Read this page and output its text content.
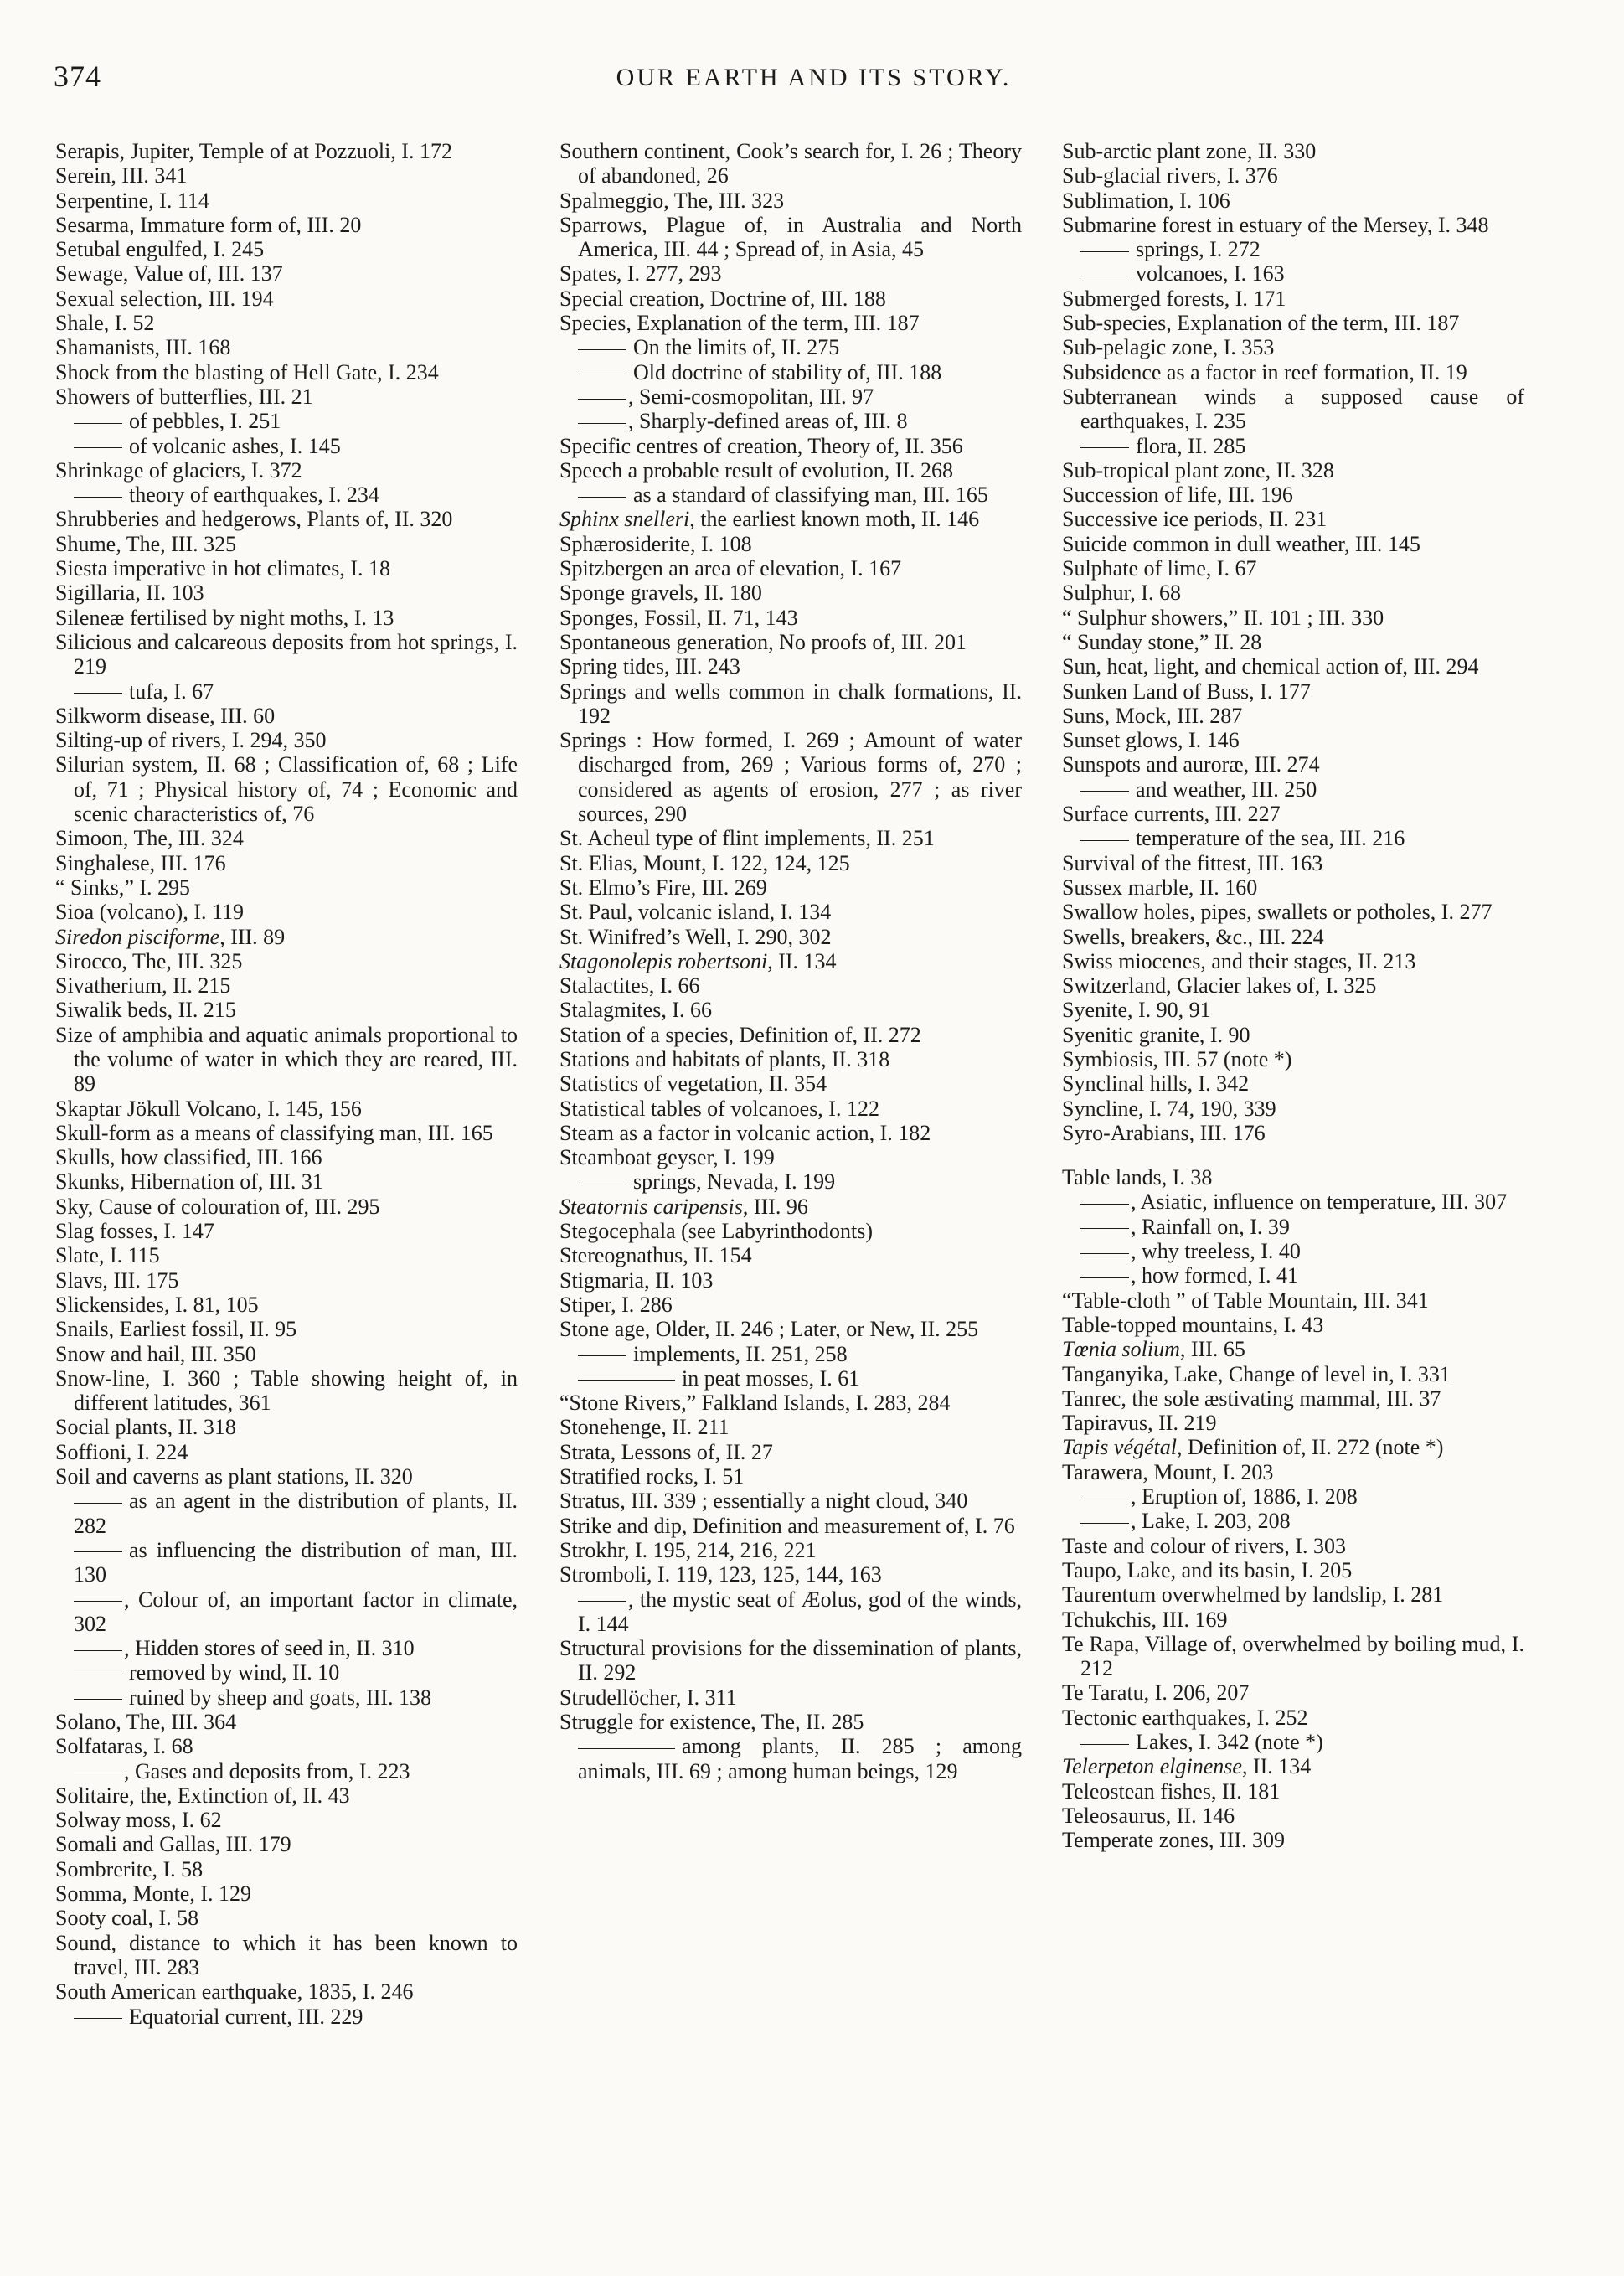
374	OUR EARTH AND ITS STORY.

Serapis, Jupiter, Temple of at Pozzuoli, I. 172

Serein, III. 341

Serpentine, I. 114

Sesarma, Immature form of, III. 20

Setubal engulfed, I. 245

Sewage, Value of, III. 137

Sexual selection, III. 194

Shale, I. 52

Shamanists, III. 168

Shock from the blasting of Hell Gate, I. 234

Showers of butterflies, III. 21

of pebbles, I. 251

of volcanic ashes, I. 145

Shrinkage of glaciers, I. 372

theory of earthquakes, I. 234

Shrubberies and hedgerows, Plants of, II. 320

Shume, The, III. 325

Siesta imperative in hot climates, I. 18

Sigillaria, II. 103

Sileneæ fertilised by night moths, I. 13

Silicious and calcareous deposits from hot springs, I. 219

tufa, I. 67

Silkworm disease, III. 60

Silting-up of rivers, I. 294, 350

Silurian system, II. 68 ; Classification of, 68 ; Life of, 71 ; Physical history of, 74 ; Economic and scenic characteristics of, 76

Simoon, The, III. 324

Singhalese, III. 176

“ Sinks,” I. 295

Sioa (volcano), I. 119

Siredon pisciforme, III. 89

Sirocco, The, III. 325

Sivatherium, II. 215

Siwalik beds, II. 215

Size of amphibia and aquatic animals proportional to the volume of water in which they are reared, III. 89

Skaptar Jökull Volcano, I. 145, 156

Skull-form as a means of classifying man, III. 165

Skulls, how classified, III. 166

Skunks, Hibernation of, III. 31

Sky, Cause of colouration of, III. 295

Slag fosses, I. 147

Slate, I. 115

Slavs, III. 175

Slickensides, I. 81, 105

Snails, Earliest fossil, II. 95

Snow and hail, III. 350

Snow-line, I. 360 ; Table showing height of, in different latitudes, 361

Social plants, II. 318

Soffioni, I. 224

Soil and caverns as plant stations, II. 320

as an agent in the distribution of plants, II. 282

as influencing the distribution of man, III. 130

, Colour of, an important factor in climate, 302

, Hidden stores of seed in, II. 310

removed by wind, II. 10

ruined by sheep and goats, III. 138

Solano, The, III. 364

Solfataras, I. 68

, Gases and deposits from, I. 223

Solitaire, the, Extinction of, II. 43

Solway moss, I. 62

Somali and Gallas, III. 179

Sombrerite, I. 58

Somma, Monte, I. 129

Sooty coal, I. 58

Sound, distance to which it has been known to travel, III. 283

South American earthquake, 1835, I. 246

Equatorial current, III. 229

Southern continent, Cook’s search for, I. 26 ; Theory of abandoned, 26

Spalmeggio, The, III. 323

Sparrows, Plague of, in Australia and North America, III. 44 ; Spread of, in Asia, 45

Spates, I. 277, 293

Special creation, Doctrine of, III. 188

Species, Explanation of the term, III. 187

On the limits of, II. 275

Old doctrine of stability of, III. 188

, Semi-cosmopolitan, III. 97

, Sharply-defined areas of, III. 8

Specific centres of creation, Theory of, II. 356

Speech a probable result of evolution, II. 268

as a standard of classifying man, III. 165

Sphinx snelleri, the earliest known moth, II. 146

Sphærosiderite, I. 108

Spitzbergen an area of elevation, I. 167

Sponge gravels, II. 180

Sponges, Fossil, II. 71, 143

Spontaneous generation, No proofs of, III. 201

Spring tides, III. 243

Springs and wells common in chalk formations, II. 192

Springs : How formed, I. 269 ; Amount of water discharged from, 269 ; Various forms of, 270 ; considered as agents of erosion, 277 ; as river sources, 290

St. Acheul type of flint implements, II. 251

St. Elias, Mount, I. 122, 124, 125

St. Elmo’s Fire, III. 269

St. Paul, volcanic island, I. 134

St. Winifred’s Well, I. 290, 302

Stagonolepis robertsoni, II. 134

Stalactites, I. 66

Stalagmites, I. 66

Station of a species, Definition of, II. 272

Stations and habitats of plants, II. 318

Statistics of vegetation, II. 354

Statistical tables of volcanoes, I. 122

Steam as a factor in volcanic action, I. 182

Steamboat geyser, I. 199

springs, Nevada, I. 199

Steatornis caripensis, III. 96

Stegocephala (see Labyrinthodonts)

Stereognathus, II. 154

Stigmaria, II. 103

Stiper, I. 286

Stone age, Older, II. 246 ; Later, or New, II. 255

implements, II. 251, 258

in peat mosses, I. 61

“Stone Rivers,” Falkland Islands, I. 283, 284

Stonehenge, II. 211

Strata, Lessons of, II. 27

Stratified rocks, I. 51

Stratus, III. 339 ; essentially a night cloud, 340

Strike and dip, Definition and measurement of, I. 76

Strokhr, I. 195, 214, 216, 221

Stromboli, I. 119, 123, 125, 144, 163

, the mystic seat of Æolus, god of the winds, I. 144

Structural provisions for the dissemination of plants, II. 292

Strudellöcher, I. 311

Struggle for existence, The, II. 285

among plants, II. 285 ; among animals, III. 69 ; among human beings, 129

Sub-arctic plant zone, II. 330

Sub-glacial rivers, I. 376

Sublimation, I. 106

Submarine forest in estuary of the Mersey, I. 348

springs, I. 272

volcanoes, I. 163

Submerged forests, I. 171

Sub-species, Explanation of the term, III. 187

Sub-pelagic zone, I. 353

Subsidence as a factor in reef formation, II. 19

Subterranean winds a supposed cause of earthquakes, I. 235

flora, II. 285

Sub-tropical plant zone, II. 328

Succession of life, III. 196

Successive ice periods, II. 231

Suicide common in dull weather, III. 145

Sulphate of lime, I. 67

Sulphur, I. 68

“ Sulphur showers,” II. 101 ; III. 330

“ Sunday stone,” II. 28

Sun, heat, light, and chemical action of, III. 294

Sunken Land of Buss, I. 177

Suns, Mock, III. 287

Sunset glows, I. 146

Sunspots and auroræ, III. 274

and weather, III. 250

Surface currents, III. 227

temperature of the sea, III. 216

Survival of the fittest, III. 163

Sussex marble, II. 160

Swallow holes, pipes, swallets or potholes, I. 277

Swells, breakers, &c., III. 224

Swiss miocenes, and their stages, II. 213

Switzerland, Glacier lakes of, I. 325

Syenite, I. 90, 91

Syenitic granite, I. 90

Symbiosis, III. 57 (note *)

Synclinal hills, I. 342

Syncline, I. 74, 190, 339

Syro-Arabians, III. 176

Table lands, I. 38

, Asiatic, influence on temperature, III. 307

, Rainfall on, I. 39

, why treeless, I. 40

, how formed, I. 41

“Table-cloth ” of Table Mountain, III. 341

Table-topped mountains, I. 43

Tœnia solium, III. 65

Tanganyika, Lake, Change of level in, I. 331

Tanrec, the sole æstivating mammal, III. 37

Tapiravus, II. 219

Tapis végétal, Definition of, II. 272 (note *)

Tarawera, Mount, I. 203

, Eruption of, 1886, I. 208

, Lake, I. 203, 208

Taste and colour of rivers, I. 303

Taupo, Lake, and its basin, I. 205

Taurentum overwhelmed by landslip, I. 281

Tchukchis, III. 169

Te Rapa, Village of, overwhelmed by boiling mud, I. 212

Te Taratu, I. 206, 207

Tectonic earthquakes, I. 252

Lakes, I. 342 (note *)

Telerpeton elginense, II. 134

Teleostean fishes, II. 181

Teleosaurus, II. 146

Temperate zones, III. 309
